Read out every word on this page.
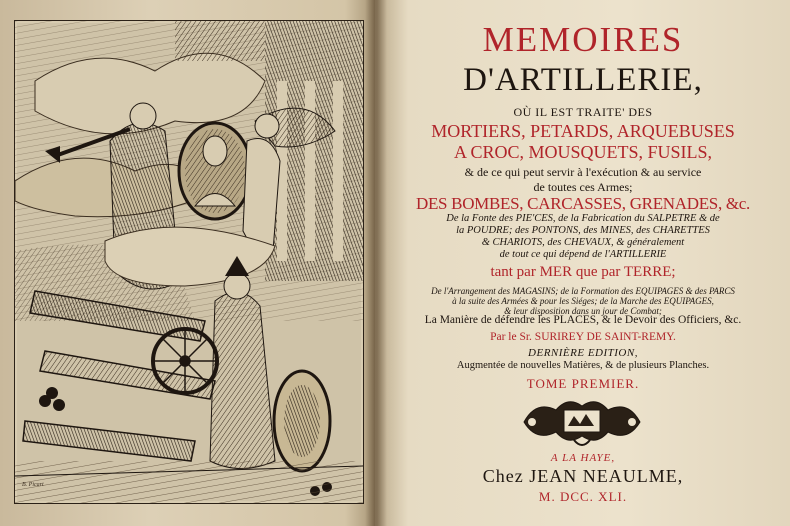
B. Picart
MEMOIRES
D'ARTILLERIE,
OÙ IL EST TRAITE' DES
MORTIERS, PETARDS, ARQUEBUSES
A CROC, MOUSQUETS, FUSILS,
& de ce qui peut servir à l'exécution & au service
de toutes ces Armes;
DES BOMBES, CARCASSES, GRENADES, &c.
De la Fonte des PIE'CES, de la Fabrication du SALPETRE & de
la POUDRE; des PONTONS, des MINES, des CHARETTES
& CHARIOTS, des CHEVAUX, & généralement
de tout ce qui dépend de l'ARTILLERIE
tant par MER que par TERRE;
De l'Arrangement des MAGASINS; de la Formation des EQUIPAGES & des PARCS
à la suite des Armées & pour les Siéges; de la Marche des EQUIPAGES,
& leur disposition dans un jour de Combat;
La Manière de défendre les PLACES, & le Devoir des Officiers, &c.
Par le Sr. SURIREY DE SAINT-REMY.
DERNIÈRE EDITION,
Augmentée de nouvelles Matières, & de plusieurs Planches.
TOME PREMIER.
A LA HAYE,
Chez JEAN NEAULME,
M. DCC. XLI.
